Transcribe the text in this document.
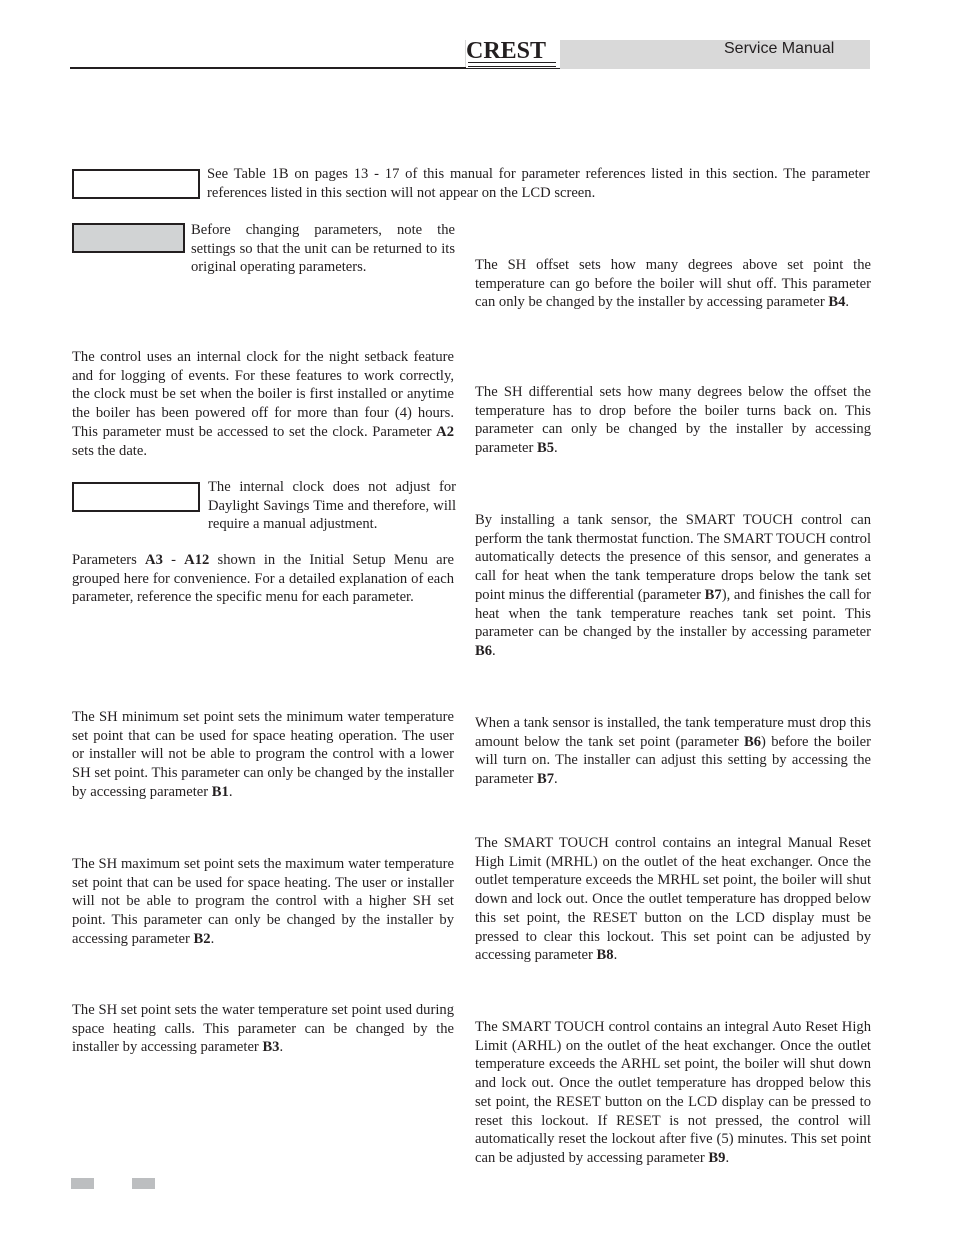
CREST	Service Manual

See Table 1B on pages 13 - 17 of this manual for parameter references listed in this section. The parameter references listed in this section will not appear on the LCD screen.

Before changing parameters, note the settings so that the unit can be returned to its original operating parameters.

The control uses an internal clock for the night setback feature and for logging of events. For these features to work correctly, the clock must be set when the boiler is first installed or anytime the boiler has been powered off for more than four (4) hours. This parameter must be accessed to set the clock. Parameter A2 sets the date.

The internal clock does not adjust for Daylight Savings Time and therefore, will require a manual adjustment.

Parameters A3 - A12 shown in the Initial Setup Menu are grouped here for convenience. For a detailed explanation of each parameter, reference the specific menu for each parameter.

The SH minimum set point sets the minimum water temperature set point that can be used for space heating operation. The user or installer will not be able to program the control with a lower SH set point. This parameter can only be changed by the installer by accessing parameter B1.

The SH maximum set point sets the maximum water temperature set point that can be used for space heating. The user or installer will not be able to program the control with a higher SH set point. This parameter can only be changed by the installer by accessing parameter B2.

The SH set point sets the water temperature set point used during space heating calls. This parameter can be changed by the installer by accessing parameter B3.

The SH offset sets how many degrees above set point the temperature can go before the boiler will shut off. This parameter can only be changed by the installer by accessing parameter B4.

The SH differential sets how many degrees below the offset the temperature has to drop before the boiler turns back on. This parameter can only be changed by the installer by accessing parameter B5.

By installing a tank sensor, the SMART TOUCH control can perform the tank thermostat function. The SMART TOUCH control automatically detects the presence of this sensor, and generates a call for heat when the tank temperature drops below the tank set point minus the differential (parameter B7), and finishes the call for heat when the tank temperature reaches tank set point. This parameter can be changed by the installer by accessing parameter B6.

When a tank sensor is installed, the tank temperature must drop this amount below the tank set point (parameter B6) before the boiler will turn on. The installer can adjust this setting by accessing the parameter B7.

The SMART TOUCH control contains an integral Manual Reset High Limit (MRHL) on the outlet of the heat exchanger. Once the outlet temperature exceeds the MRHL set point, the boiler will shut down and lock out. Once the outlet temperature has dropped below this set point, the RESET button on the LCD display must be pressed to clear this lockout. This set point can be adjusted by accessing parameter B8.

The SMART TOUCH control contains an integral Auto Reset High Limit (ARHL) on the outlet of the heat exchanger. Once the outlet temperature exceeds the ARHL set point, the boiler will shut down and lock out. Once the outlet temperature has dropped below this set point, the RESET button on the LCD display can be pressed to reset this lockout. If RESET is not pressed, the control will automatically reset the lockout after five (5) minutes. This set point can be adjusted by accessing parameter B9.
